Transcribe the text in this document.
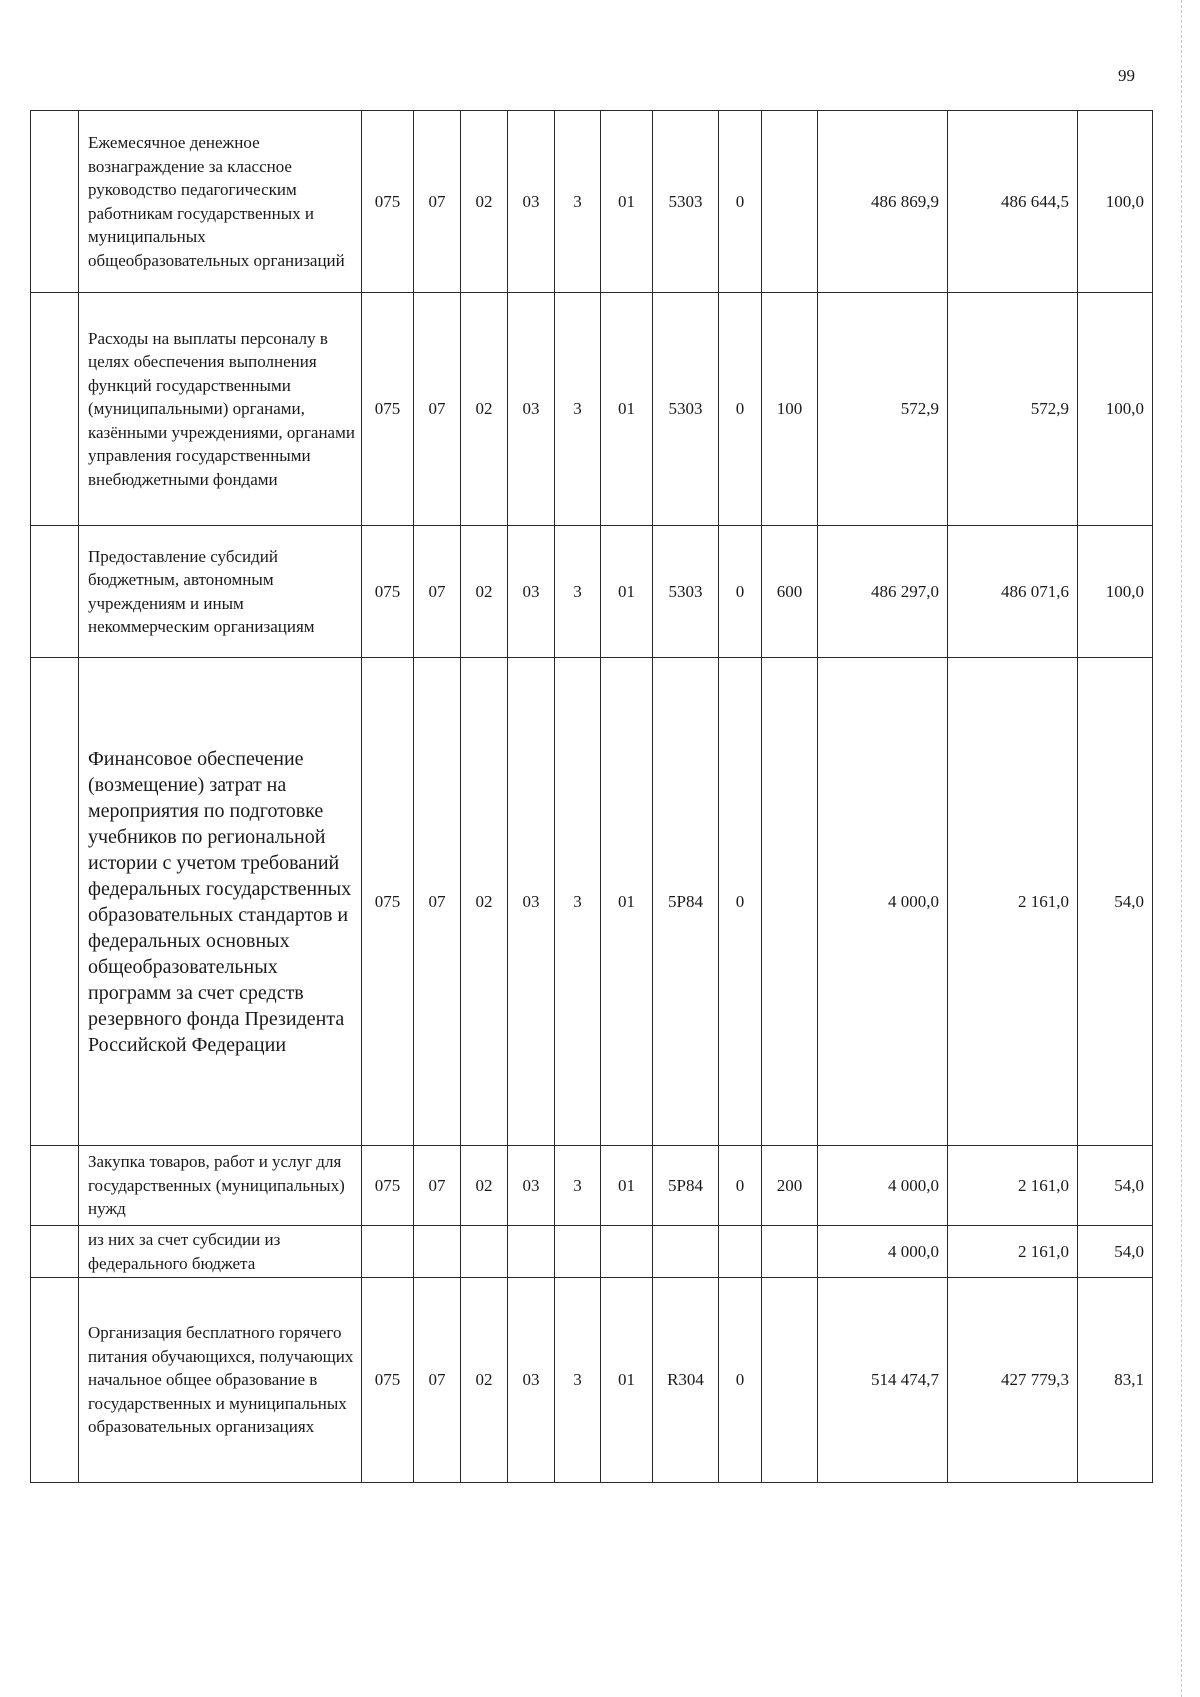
99
	Ежемесячное денежное вознаграждение за классное руководство педагогическим работникам государственных и муниципальных общеобразовательных организаций	075	07	02	03	3	01	5303	0		486 869,9	486 644,5	100,0
	Расходы на выплаты персоналу в целях обеспечения выполнения функций государственными (муниципальными) органами, казёнными учреждениями, органами управления государственными внебюджетными фондами	075	07	02	03	3	01	5303	0	100	572,9	572,9	100,0
	Предоставление субсидий бюджетным, автономным учреждениям и иным некоммерческим организациям	075	07	02	03	3	01	5303	0	600	486 297,0	486 071,6	100,0
	Финансовое обеспечение (возмещение) затрат на мероприятия по подготовке учебников по региональной истории с учетом требований федеральных государственных образовательных стандартов и федеральных основных общеобразовательных программ за счет средств резервного фонда Президента Российской Федерации	075	07	02	03	3	01	5Р84	0		4 000,0	2 161,0	54,0
	Закупка товаров, работ и услуг для государственных (муниципальных) нужд	075	07	02	03	3	01	5Р84	0	200	4 000,0	2 161,0	54,0
	из них за счет субсидии из федерального бюджета										4 000,0	2 161,0	54,0
	Организация бесплатного горячего питания обучающихся, получающих начальное общее образование в государственных и муниципальных образовательных организациях	075	07	02	03	3	01	R304	0		514 474,7	427 779,3	83,1
